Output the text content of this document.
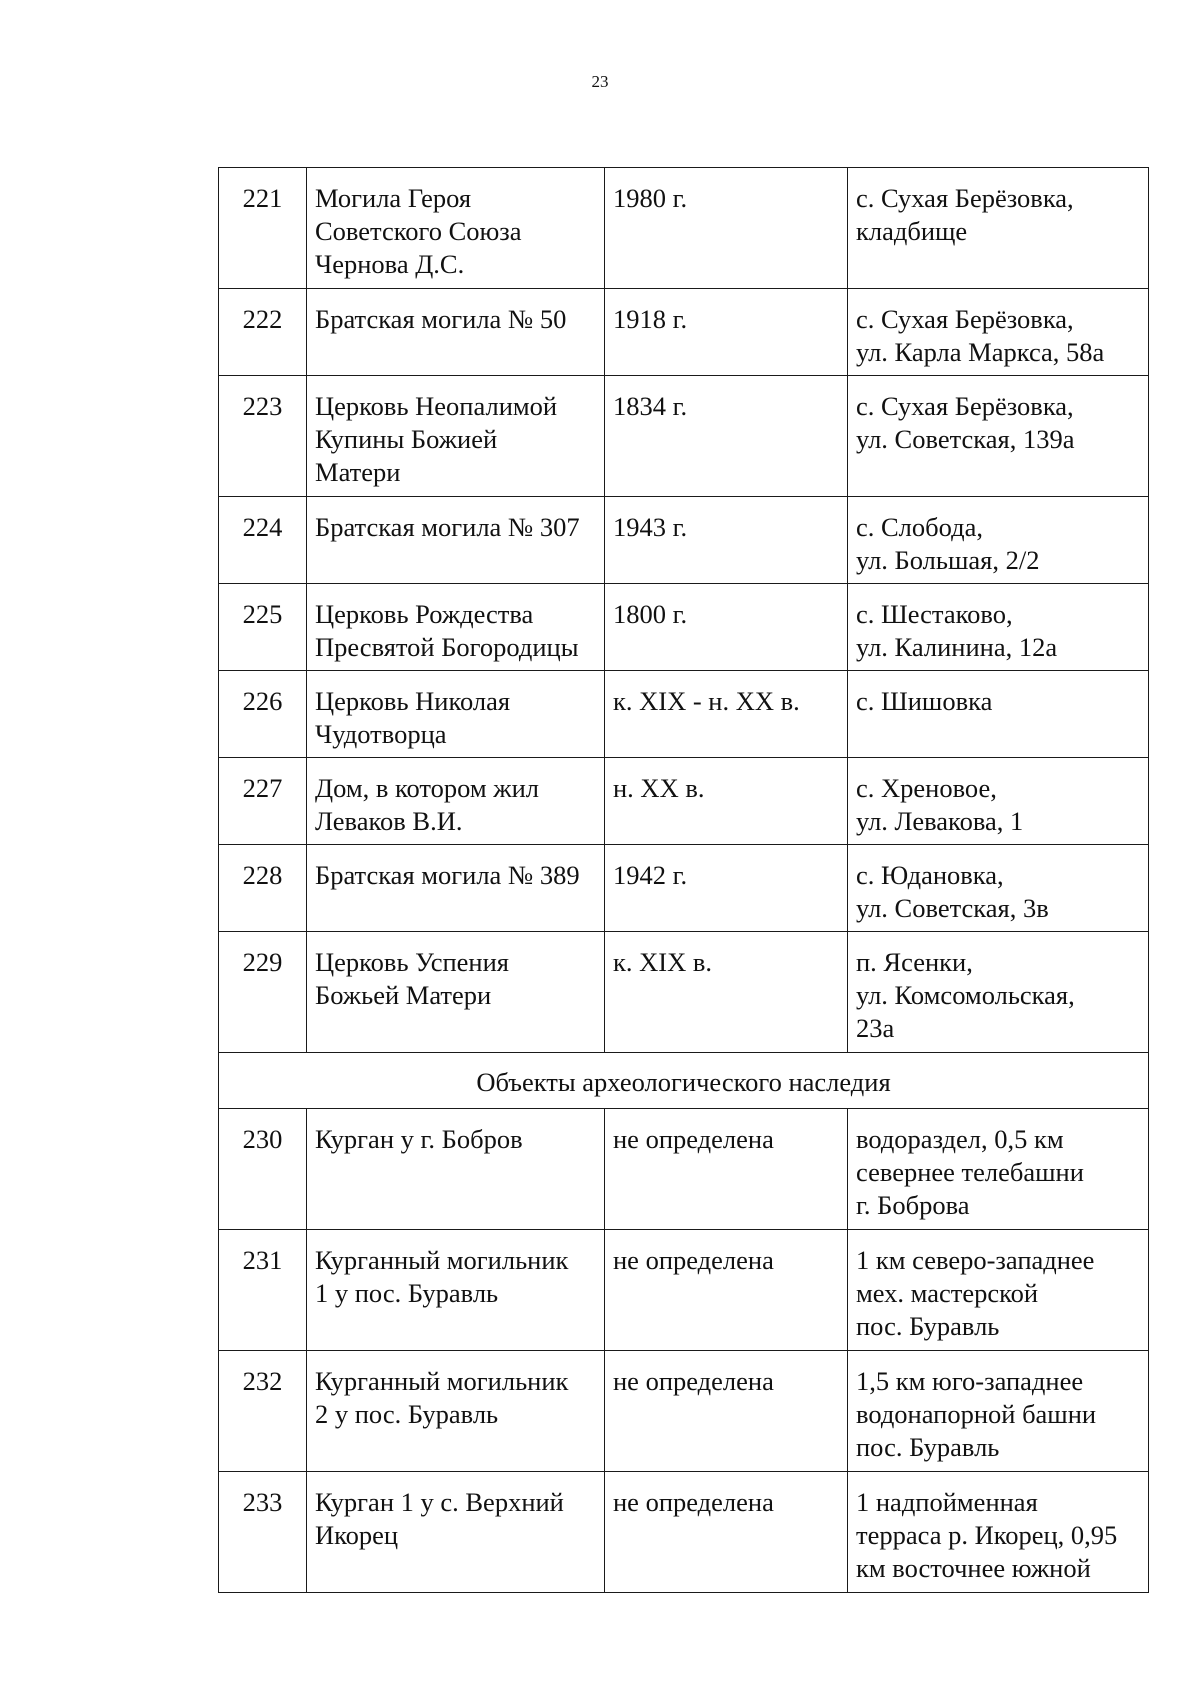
23
221	Могила Героя
Советского Союза
Чернова Д.С.	1980 г.	с. Сухая Берёзовка,
кладбище

222	Братская могила № 50	1918 г.	с. Сухая Берёзовка,
ул. Карла Маркса, 58а

223	Церковь Неопалимой
Купины Божией
Матери	1834 г.	с. Сухая Берёзовка,
ул. Советская, 139а

224	Братская могила № 307	1943 г.	с. Слобода,
ул. Большая, 2/2

225	Церковь Рождества
Пресвятой Богородицы	1800 г.	с. Шестаково,
ул. Калинина, 12а

226	Церковь Николая
Чудотворца	к. XIX - н. XX в.	с. Шишовка

227	Дом, в котором жил
Леваков В.И.	н. XX в.	с. Хреновое,
ул. Левакова, 1

228	Братская могила № 389	1942 г.	с. Юдановка,
ул. Советская, 3в

229	Церковь Успения
Божьей Матери	к. XIX в.	п. Ясенки,
ул. Комсомольская,
23а

Объекты археологического наследия			
230	Курган у г. Бобров	не определена	водораздел, 0,5 км
севернее телебашни
г. Боброва

231	Курганный могильник
1 у пос. Буравль	не определена	1 км северо-западнее
мех. мастерской
пос. Буравль

232	Курганный могильник
2 у пос. Буравль	не определена	1,5 км юго-западнее
водонапорной башни
пос. Буравль

233	Курган 1 у с. Верхний
Икорец	не определена	1 надпойменная
терраса р. Икорец, 0,95
км восточнее южной
